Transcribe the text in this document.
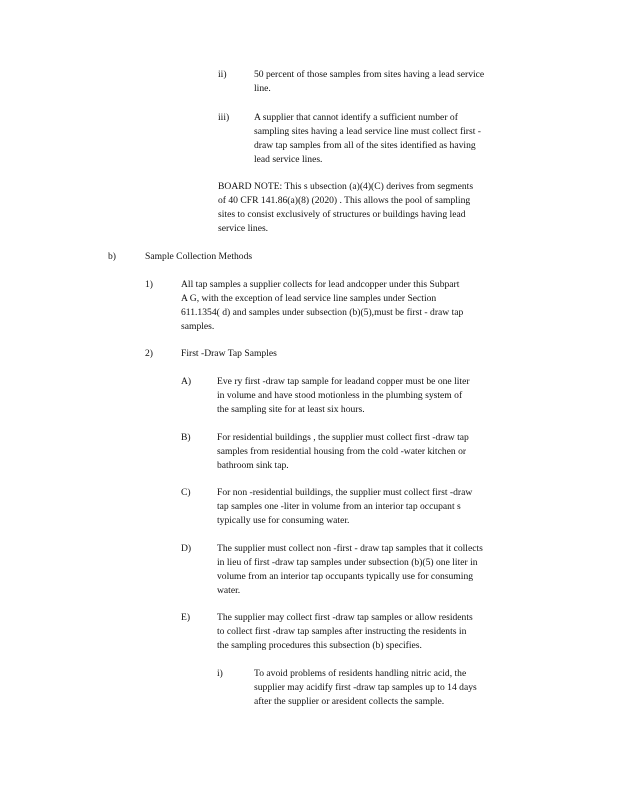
ii)	50 percent of those samples from sites having a lead service
line.
iii)	A supplier that cannot identify a sufficient number of
sampling sites having a lead service line must collect first -
draw tap samples from all of the sites identified as having
lead service lines.
BOARD NOTE: This s ubsection (a)(4)(C) derives from segments
of 40 CFR 141.86(a)(8) (2020) . This allows the pool of sampling
sites to consist exclusively of structures or buildings having lead
service lines.
b)	Sample Collection Methods
1)	All tap samples a supplier collects for lead andcopper under this Subpart
A G, with the exception of lead service line samples under Section
611.1354( d) and samples under subsection (b)(5),must be first - draw tap
samples.
2)	First -Draw Tap Samples
A)	Eve ry first -draw tap sample for leadand copper must be one liter
in volume and have stood motionless in the plumbing system of
the sampling site for at least six hours.
B)	For residential buildings , the supplier must collect first -draw tap
samples from residential housing from the cold -water kitchen or
bathroom sink tap.
C)	For non -residential buildings, the supplier must collect first -draw
tap samples one -liter in volume from an interior tap occupant s
typically use for consuming water.
D)	The supplier must collect non -first - draw tap samples that it collects
in lieu of first -draw tap samples under subsection (b)(5) one liter in
volume from an interior tap occupants typically use for consuming
water.
E)	The supplier may collect first -draw tap samples or allow residents
to collect first -draw tap samples after instructing the residents in
the sampling procedures this subsection (b) specifies.
i)	To avoid problems of residents handling nitric acid, the
supplier may acidify first -draw tap samples up to 14 days
after the supplier or aresident collects the sample.
